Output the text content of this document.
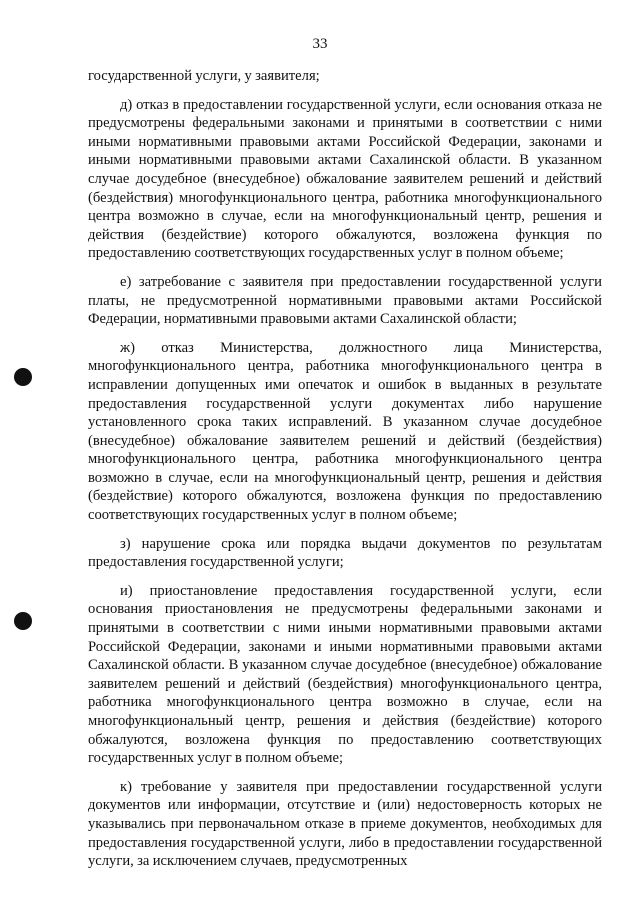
33

государственной услуги, у заявителя;

д) отказ в предоставлении государственной услуги, если основания отказа не предусмотрены федеральными законами и принятыми в соответствии с ними иными нормативными правовыми актами Российской Федерации, законами и иными нормативными правовыми актами Сахалинской области. В указанном случае досудебное (внесудебное) обжалование заявителем решений и действий (бездействия) многофункционального центра, работника многофункционального центра возможно в случае, если на многофункциональный центр, решения и действия (бездействие) которого обжалуются, возложена функция по предоставлению соответствующих государственных услуг в полном объеме;

е) затребование с заявителя при предоставлении государственной услуги платы, не предусмотренной нормативными правовыми актами Российской Федерации, нормативными правовыми актами Сахалинской области;

ж) отказ Министерства, должностного лица Министерства, многофункционального центра, работника многофункционального центра в исправлении допущенных ими опечаток и ошибок в выданных в результате предоставления государственной услуги документах либо нарушение установленного срока таких исправлений. В указанном случае досудебное (внесудебное) обжалование заявителем решений и действий (бездействия) многофункционального центра, работника многофункционального центра возможно в случае, если на многофункциональный центр, решения и действия (бездействие) которого обжалуются, возложена функция по предоставлению соответствующих государственных услуг в полном объеме;

з) нарушение срока или порядка выдачи документов по результатам предоставления государственной услуги;

и) приостановление предоставления государственной услуги, если основания приостановления не предусмотрены федеральными законами и принятыми в соответствии с ними иными нормативными правовыми актами Российской Федерации, законами и иными нормативными правовыми актами Сахалинской области. В указанном случае досудебное (внесудебное) обжалование заявителем решений и действий (бездействия) многофункционального центра, работника многофункционального центра возможно в случае, если на многофункциональный центр, решения и действия (бездействие) которого обжалуются, возложена функция по предоставлению соответствующих государственных услуг в полном объеме;

к) требование у заявителя при предоставлении государственной услуги документов или информации, отсутствие и (или) недостоверность которых не указывались при первоначальном отказе в приеме документов, необходимых для предоставления государственной услуги, либо в предоставлении государственной услуги, за исключением случаев, предусмотренных
